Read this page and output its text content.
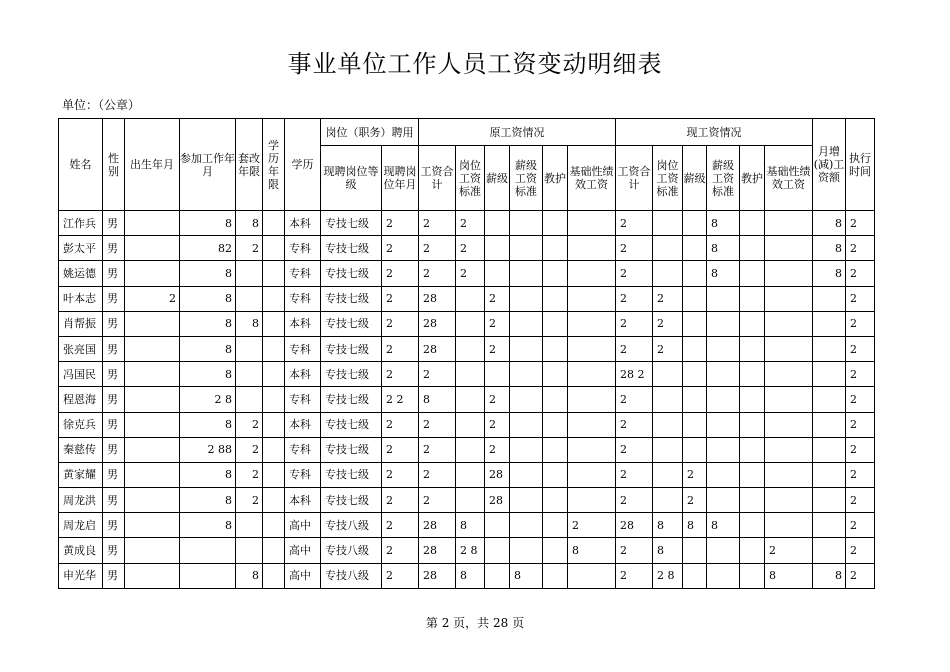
事业单位工作人员工资变动明细表
单位：（公章）
姓名	性别	出生年月	参加工作年月	套改年限	学历年限	学历	岗位（职务）聘用		原工资情况						现工资情况						月增(减)工资额	执行时间
							现聘岗位等级	现聘岗位年月	工资合计	岗位工资标准	薪级	薪级工资标准	教护	基础性绩效工资	工资合计	岗位工资标准	薪级	薪级工资标准	教护	基础性绩效工资		
江作兵	男		8	8		本科	专技七级	2	2	2					2			8			8	2
彭太平	男		82	2		专科	专技七级	2	2	2					2			8			8	2
姚运德	男		8			专科	专技七级	2	2	2					2			8			8	2
叶本志	男	2	8			专科	专技七级	2	28		2				2	2						2
肖帮振	男		8	8		本科	专技七级	2	28		2				2	2						2
张亮国	男		8			专科	专技七级	2	28		2				2	2						2
冯国民	男		8			本科	专技七级	2	2						28 2							2
程恩海	男		2 8			专科	专技七级	2 2	8		2				2							2
徐克兵	男		8	2		本科	专技七级	2	2		2				2							2
秦慈传	男		2 88	2		专科	专技七级	2	2		2				2							2
黄家耀	男		8	2		专科	专技七级	2	2		28				2		2					2
周龙洪	男		8	2		本科	专技七级	2	2		28				2		2					2
周龙启	男		8			高中	专技八级	2	28	8				2	28	8	8	8				2
黄成良	男					高中	专技八级	2	28	2 8				8	2	8				2		2
申光华	男			8		高中	专技八级	2	28	8		8			2	2 8				8	8	2
第 2 页，共 28 页
